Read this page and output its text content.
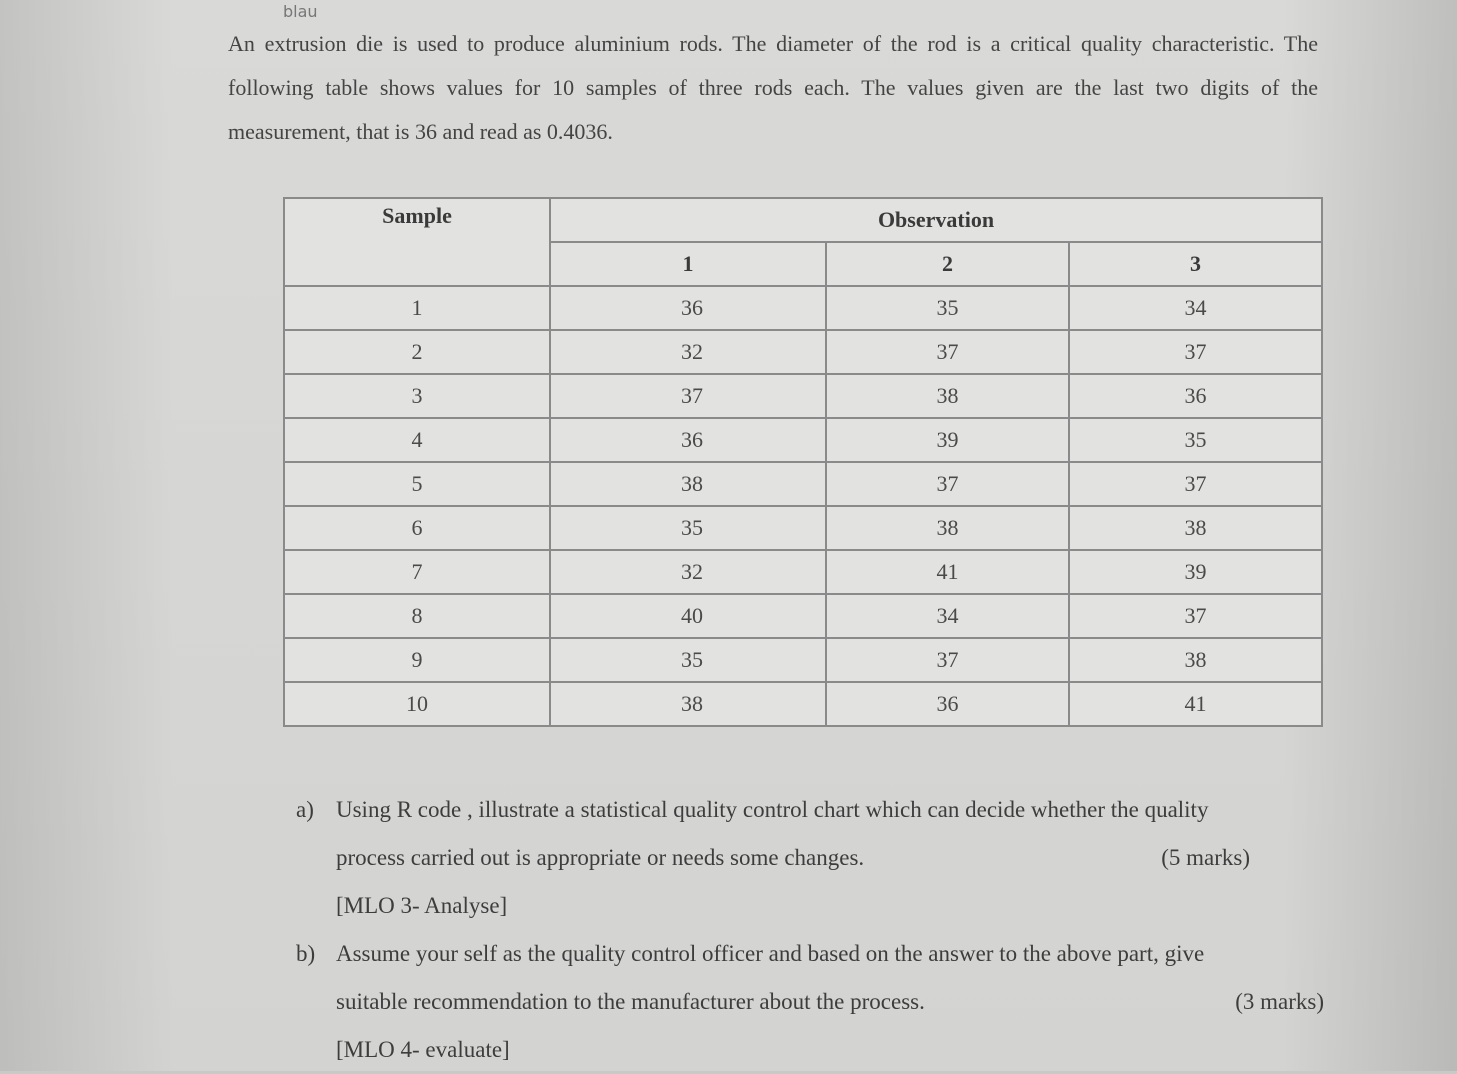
blau
An extrusion die is used to produce aluminium rods. The diameter of the rod is a critical quality characteristic. The following table shows values for 10 samples of three rods each. The values given are the last two digits of the measurement, that is 36 and read as 0.4036.
Sample	Observation		
	1	2	3
1	36	35	34
2	32	37	37
3	37	38	36
4	36	39	35
5	38	37	37
6	35	38	38
7	32	41	39
8	40	34	37
9	35	37	38
10	38	36	41
a) Using R code , illustrate a statistical quality control chart which can decide whether the quality
process carried out is appropriate or needs some changes.	(5 marks)
[MLO 3- Analyse]
b) Assume your self as the quality control officer and based on the answer to the above part, give
suitable recommendation to the manufacturer about the process.	(3 marks)
[MLO 4- evaluate]
